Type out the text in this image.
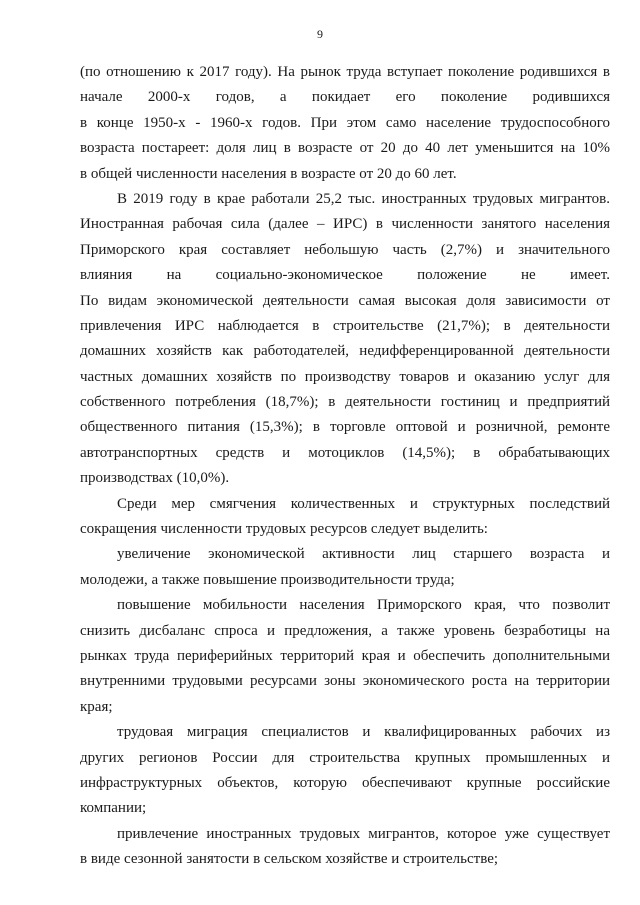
9
(по отношению к 2017 году). На рынок труда вступает поколение родившихся в
начале 2000-х годов, а покидает его поколение родившихся
в конце 1950-х - 1960-х годов. При этом само население трудоспособного
возраста постареет: доля лиц в возрасте от 20 до 40 лет уменьшится на 10%
в общей численности населения в возрасте от 20 до 60 лет.
В 2019 году в крае работали 25,2 тыс. иностранных трудовых мигрантов.
Иностранная рабочая сила (далее – ИРС) в численности занятого населения
Приморского края составляет небольшую часть (2,7%) и значительного
влияния на социально-экономическое положение не имеет.
По видам экономической деятельности самая высокая доля зависимости от
привлечения ИРС наблюдается в строительстве (21,7%); в деятельности
домашних хозяйств как работодателей, недифференцированной деятельности
частных домашних хозяйств по производству товаров и оказанию услуг для
собственного потребления (18,7%); в деятельности гостиниц и предприятий
общественного питания (15,3%); в торговле оптовой и розничной, ремонте
автотранспортных средств и мотоциклов (14,5%); в обрабатывающих
производствах (10,0%).
Среди мер смягчения количественных и структурных последствий
сокращения численности трудовых ресурсов следует выделить:
увеличение экономической активности лиц старшего возраста и
молодежи, а также повышение производительности труда;
повышение мобильности населения Приморского края, что позволит
снизить дисбаланс спроса и предложения, а также уровень безработицы на
рынках труда периферийных территорий края и обеспечить дополнительными
внутренними трудовыми ресурсами зоны экономического роста на территории
края;
трудовая миграция специалистов и квалифицированных рабочих из
других регионов России для строительства крупных промышленных и
инфраструктурных объектов, которую обеспечивают крупные российские
компании;
привлечение иностранных трудовых мигрантов, которое уже существует
в виде сезонной занятости в сельском хозяйстве и строительстве;
